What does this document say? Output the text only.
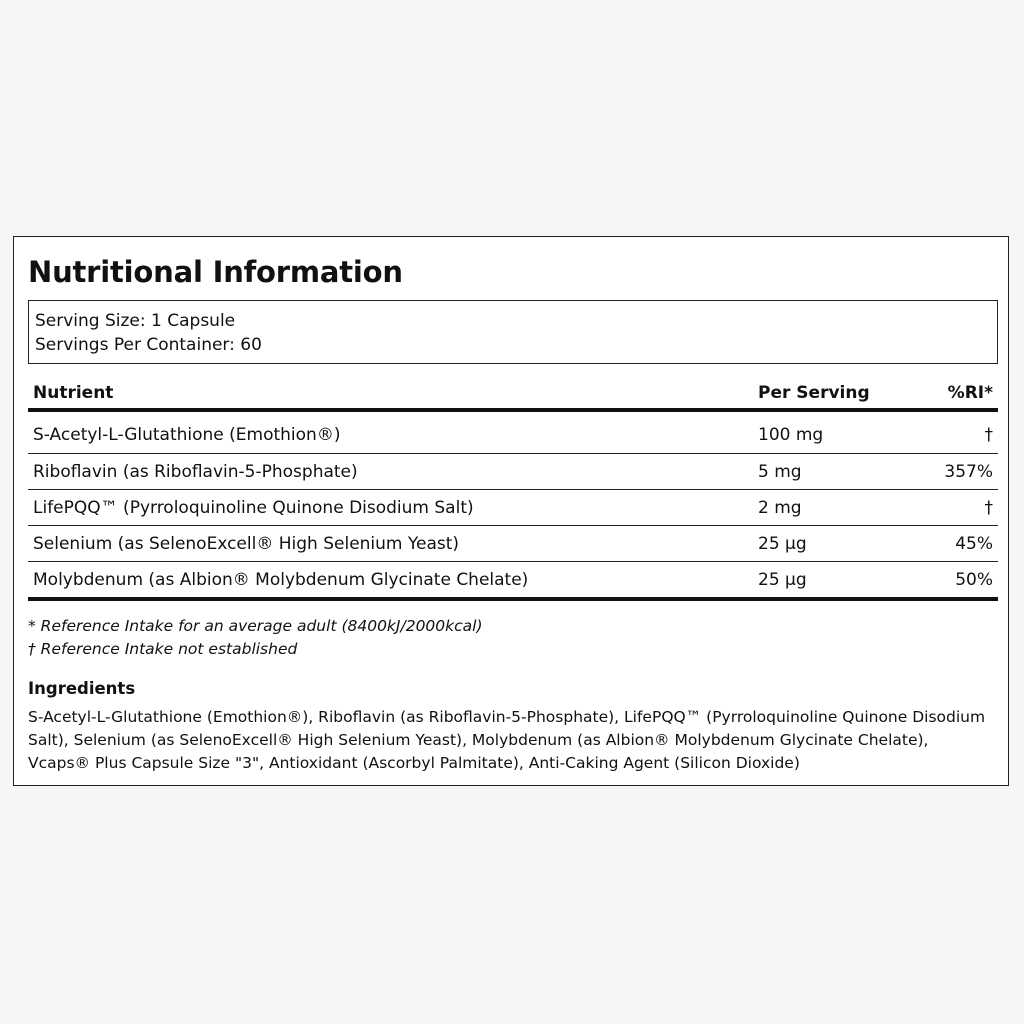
Nutritional Information
Serving Size: 1 Capsule
Servings Per Container: 60
Nutrient	Per Serving	%RI*
S-Acetyl-L-Glutathione (Emothion®)	100 mg	†
Riboflavin (as Riboflavin-5-Phosphate)	5 mg	357%
LifePQQ™ (Pyrroloquinoline Quinone Disodium Salt)	2 mg	†
Selenium (as SelenoExcell® High Selenium Yeast)	25 µg	45%
Molybdenum (as Albion® Molybdenum Glycinate Chelate)	25 µg	50%
* Reference Intake for an average adult (8400kJ/2000kcal)
† Reference Intake not established
Ingredients

S-Acetyl-L-Glutathione (Emothion®), Riboflavin (as Riboflavin-5-Phosphate), LifePQQ™ (Pyrroloquinoline Quinone Disodium Salt), Selenium (as SelenoExcell® High Selenium Yeast), Molybdenum (as Albion® Molybdenum Glycinate Chelate), Vcaps® Plus Capsule Size "3", Antioxidant (Ascorbyl Palmitate), Anti-Caking Agent (Silicon Dioxide)
